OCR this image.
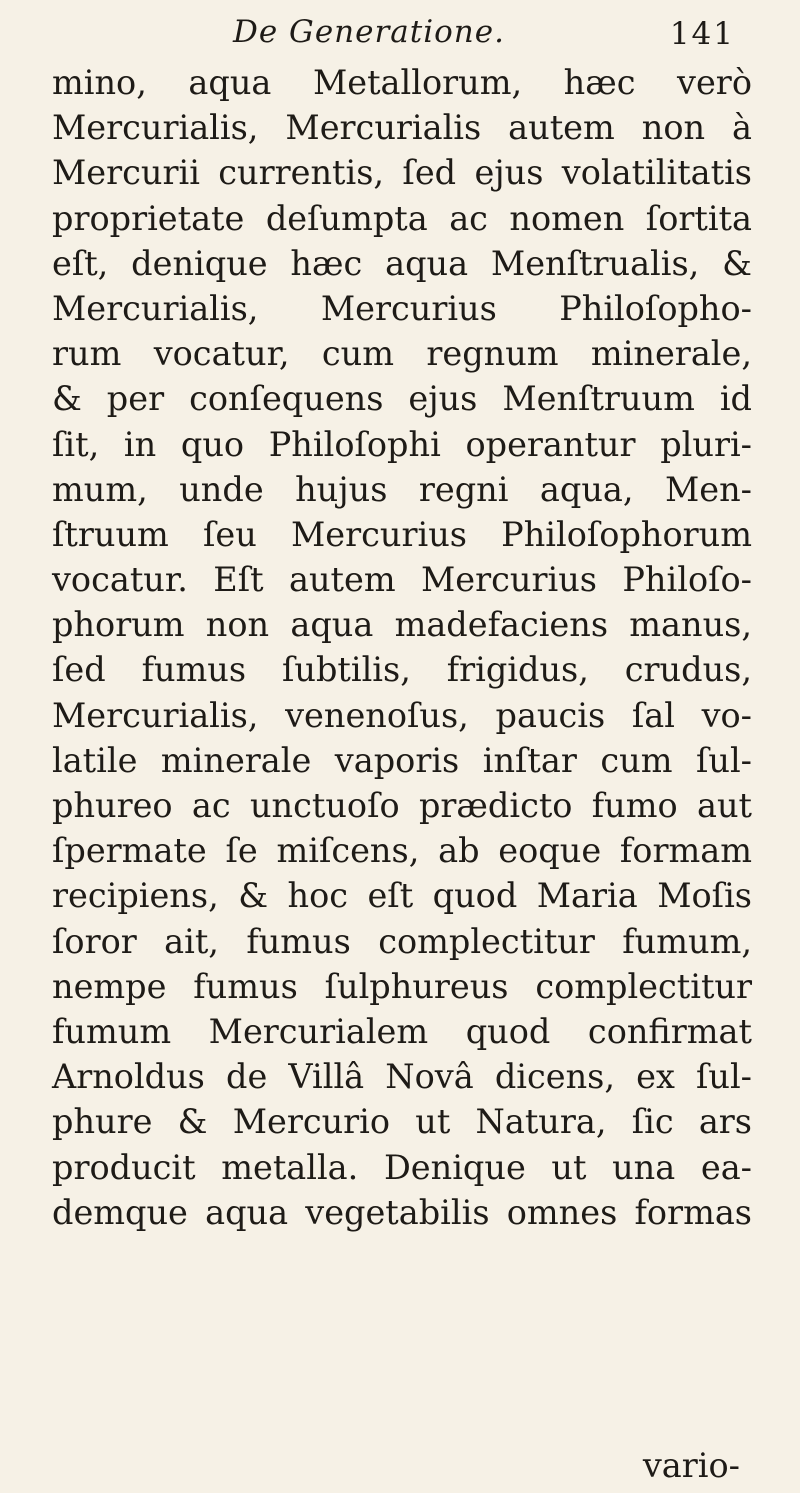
De Generatione.	141
mino, aqua Metallorum, hæc verò
Mercurialis, Mercurialis autem non à
Mercurii currentis, ſed ejus volatilitatis
proprietate deſumpta ac nomen ſortita
eſt, denique hæc aqua Menſtrualis, &
Mercurialis, Mercurius Philoſopho-
rum vocatur, cum regnum minerale,
& per conſequens ejus Menſtruum id
ſit, in quo Philoſophi operantur pluri-
mum, unde hujus regni aqua, Men-
ſtruum ſeu Mercurius Philoſophorum
vocatur. Eſt autem Mercurius Philoſo-
phorum non aqua madefaciens manus,
ſed fumus ſubtilis, frigidus, crudus,
Mercurialis, venenoſus, paucis ſal vo-
latile minerale vaporis inſtar cum ſul-
phureo ac unctuoſo prædicto fumo aut
ſpermate ſe miſcens, ab eoque formam
recipiens, & hoc eſt quod Maria Moſis
ſoror ait, fumus complectitur fumum,
nempe fumus ſulphureus complectitur
fumum Mercurialem quod confirmat
Arnoldus de Villâ Novâ dicens, ex ſul-
phure & Mercurio ut Natura, ſic ars
producit metalla. Denique ut una ea-
demque aqua vegetabilis omnes formas
vario-
